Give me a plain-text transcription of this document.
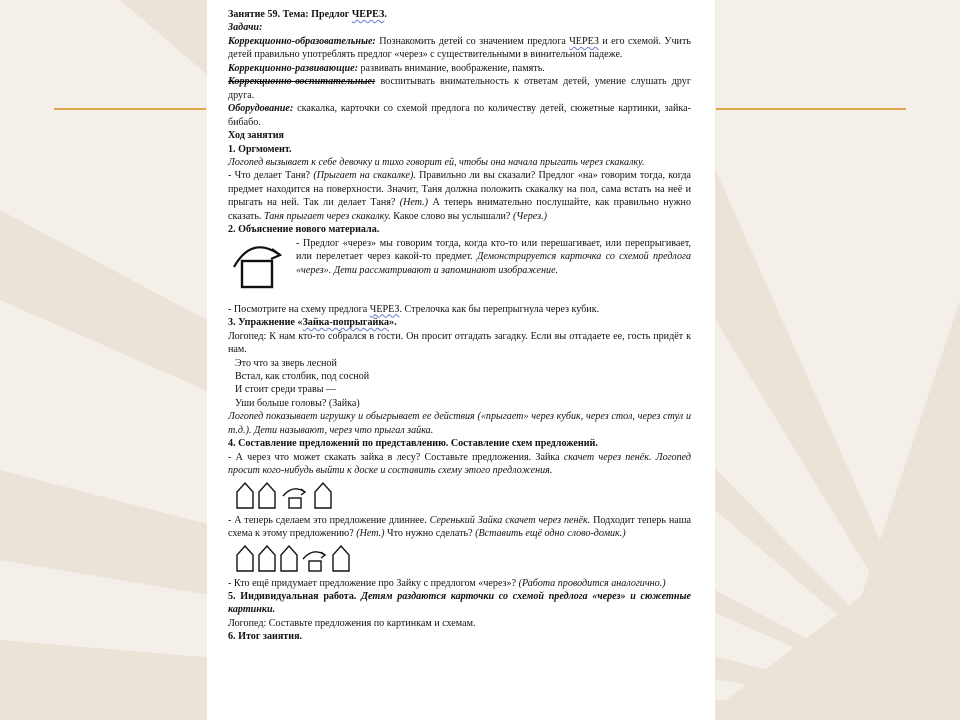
Занятие 59. Тема: Предлог ЧЕРЕЗ.

Задачи:

Коррекционно-образовательные: Познакомить детей со значением предлога ЧЕРЕЗ и его схемой. Учить детей правильно употреблять предлог «через» с существительными в винительном падеже.

Коррекционно-развивающие: развивать внимание, воображение, память.

Коррекционно-воспитательные: воспитывать внимательность к ответам детей, умение слушать друг друга.

Оборудование: скакалка, карточки со схемой предлога по количеству детей, сюжетные картинки, зайка-бибабо.

Ход занятия

1. Оргмомент.

Логопед вызывает к себе девочку и тихо говорит ей, чтобы она начала прыгать через скакалку.

- Что делает Таня? (Прыгает на скакалке). Правильно ли вы сказали? Предлог «на» говорим тогда, когда предмет находится на поверхности. Значит, Таня должна положить скакалку на пол, сама встать на неё и прыгать на ней. Так ли делает Таня? (Нет.) А теперь внимательно послушайте, как правильно нужно сказать. Таня прыгает через скакалку. Какое слово вы услышали? (Через.)

2. Объяснение нового материала.

- Предлог «через» мы говорим тогда, когда кто-то или перешагивает, или перепрыгивает, или перелетает через какой-то предмет. Демонстрируется карточка со схемой предлога «через». Дети рассматривают и запоминают изображение.

- Посмотрите на схему предлога ЧЕРЕЗ. Стрелочка как бы перепрыгнула через кубик.

3. Упражнение «Зайка-попрыгайка».

Логопед: К нам кто-то собрался в гости. Он просит отгадать загадку. Если вы отгадаете ее, гость придёт к нам.

Это что за зверь лесной

Встал, как столбик, под сосной

И стоит среди травы —

Уши больше головы? (Зайка)

Логопед показывает игрушку и обыгрывает ее действия («прыгает» через кубик, через стол, через стул и т.д.). Дети называют, через что прыгал зайка.

4. Составление предложений по представлению. Составление схем предложений.

- А через что может скакать зайка в лесу? Составьте предложения. Зайка скачет через пенёк. Логопед просит кого-нибудь выйти к доске и составить схему этого предложения.

- А теперь сделаем это предложение длиннее. Серенький Зайка скачет через пенёк. Подходит теперь наша схема к этому предложению? (Нет.) Что нужно сделать? (Вставить ещё одно слово-домик.)

- Кто ещё придумает предложение про Зайку с предлогом «через»? (Работа проводится аналогично.)

5. Индивидуальная работа. Детям раздаются карточки со схемой предлога «через» и сюжетные картинки.

Логопед: Составьте предложения по картинкам и схемам.

6. Итог занятия.
